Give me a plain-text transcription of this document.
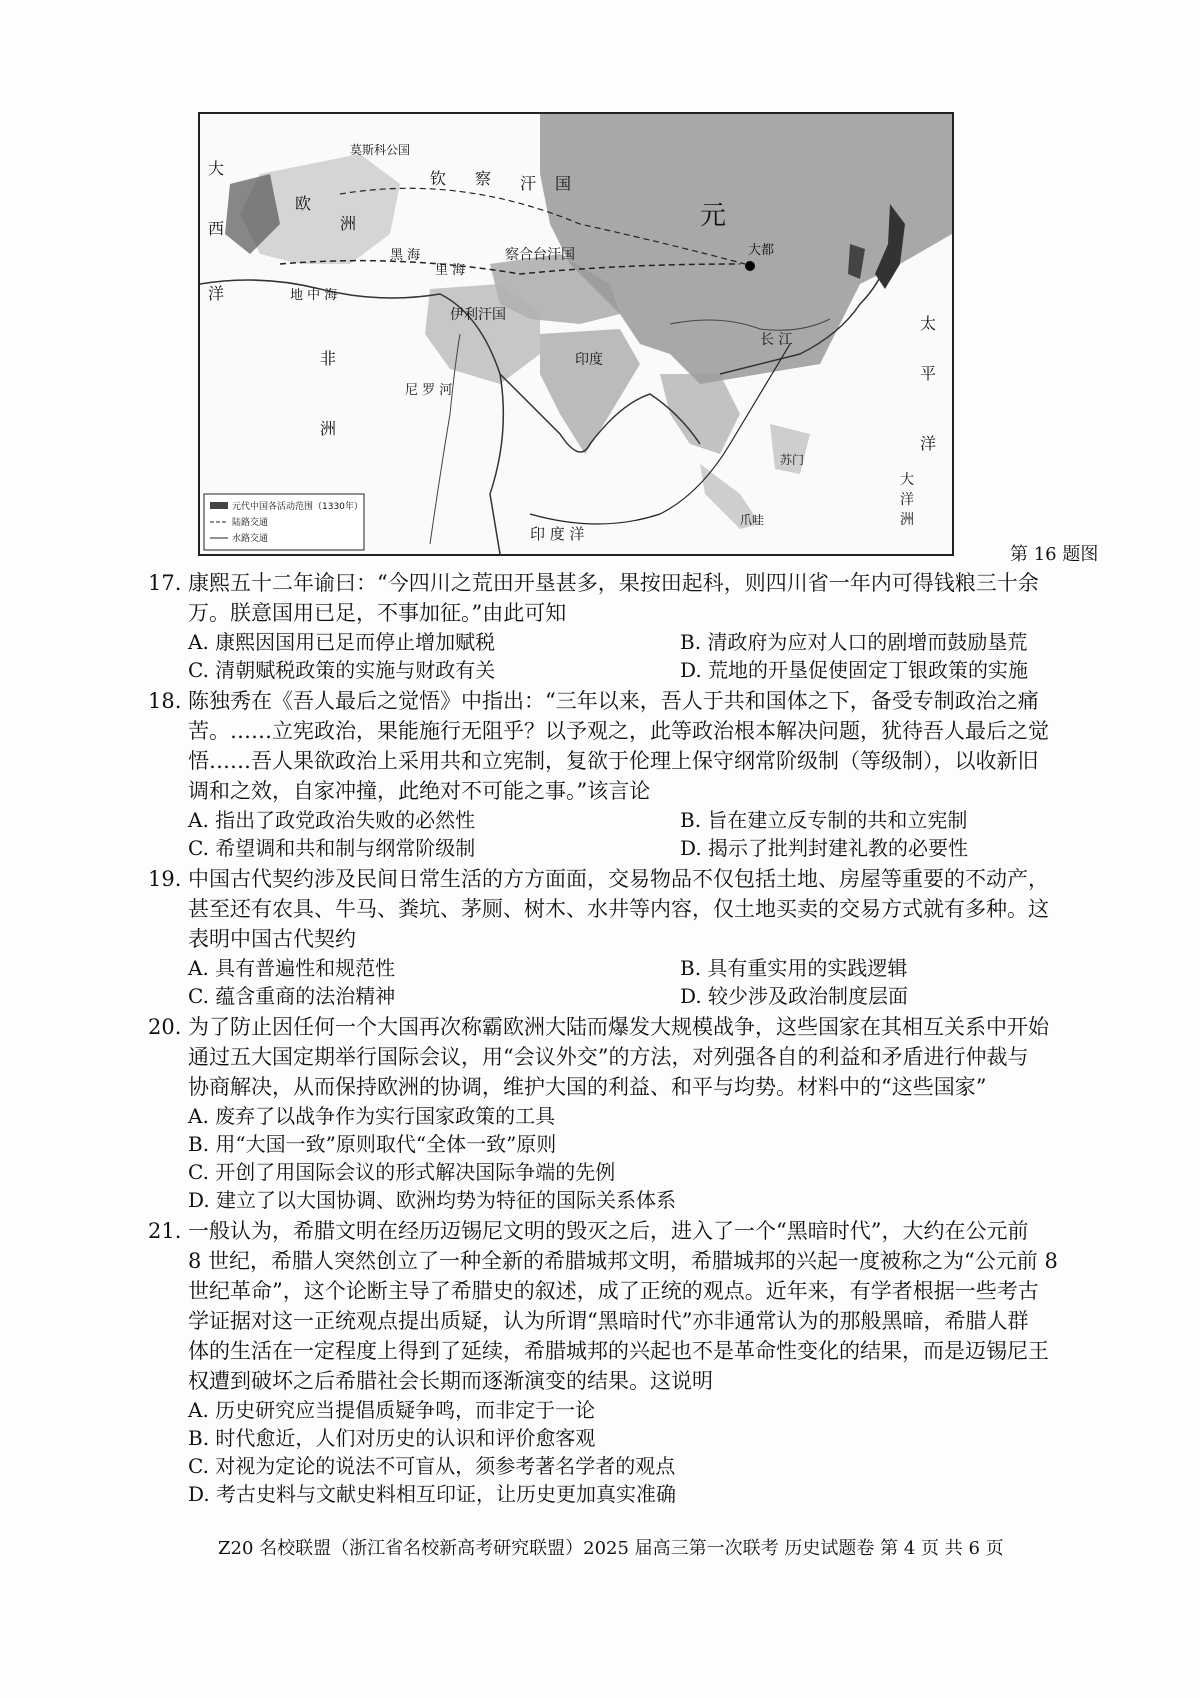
元
大都
察合台汗国
钦 察 汗 国
伊利汗国
印度
莫斯科公国
欧
洲
非
洲
大
西
洋
太
平
洋
印 度 洋
大
洋
洲
长 江
尼 罗 河
地 中 海
黑 海
里 海
苏门
爪哇
元代中国各活动范围（1330年）
陆路交通
水路交通
第 16 题图
17. 康熙五十二年谕曰：“今四川之荒田开垦甚多，果按田起科，则四川省一年内可得钱粮三十余
万。朕意国用已足，不事加征。”由此可知
A. 康熙因国用已足而停止增加赋税	B. 清政府为应对人口的剧增而鼓励垦荒
C. 清朝赋税政策的实施与财政有关	D. 荒地的开垦促使固定丁银政策的实施
18. 陈独秀在《吾人最后之觉悟》中指出：“三年以来，吾人于共和国体之下，备受专制政治之痛
苦。……立宪政治，果能施行无阻乎？以予观之，此等政治根本解决问题，犹待吾人最后之觉
悟……吾人果欲政治上采用共和立宪制，复欲于伦理上保守纲常阶级制（等级制），以收新旧
调和之效，自家冲撞，此绝对不可能之事。”该言论
A. 指出了政党政治失败的必然性	B. 旨在建立反专制的共和立宪制
C. 希望调和共和制与纲常阶级制	D. 揭示了批判封建礼教的必要性
19. 中国古代契约涉及民间日常生活的方方面面，交易物品不仅包括土地、房屋等重要的不动产，
甚至还有农具、牛马、粪坑、茅厕、树木、水井等内容，仅土地买卖的交易方式就有多种。这
表明中国古代契约
A. 具有普遍性和规范性	B. 具有重实用的实践逻辑
C. 蕴含重商的法治精神	D. 较少涉及政治制度层面
20. 为了防止因任何一个大国再次称霸欧洲大陆而爆发大规模战争，这些国家在其相互关系中开始
通过五大国定期举行国际会议，用“会议外交”的方法，对列强各自的利益和矛盾进行仲裁与
协商解决，从而保持欧洲的协调，维护大国的利益、和平与均势。材料中的“这些国家”
A. 废弃了以战争作为实行国家政策的工具
B. 用“大国一致”原则取代“全体一致”原则
C. 开创了用国际会议的形式解决国际争端的先例
D. 建立了以大国协调、欧洲均势为特征的国际关系体系
21. 一般认为，希腊文明在经历迈锡尼文明的毁灭之后，进入了一个“黑暗时代”，大约在公元前
8 世纪，希腊人突然创立了一种全新的希腊城邦文明，希腊城邦的兴起一度被称之为“公元前 8
世纪革命”，这个论断主导了希腊史的叙述，成了正统的观点。近年来，有学者根据一些考古
学证据对这一正统观点提出质疑，认为所谓“黑暗时代”亦非通常认为的那般黑暗，希腊人群
体的生活在一定程度上得到了延续，希腊城邦的兴起也不是革命性变化的结果，而是迈锡尼王
权遭到破坏之后希腊社会长期而逐渐演变的结果。这说明
A. 历史研究应当提倡质疑争鸣，而非定于一论
B. 时代愈近，人们对历史的认识和评价愈客观
C. 对视为定论的说法不可盲从，须参考著名学者的观点
D. 考古史料与文献史料相互印证，让历史更加真实准确
Z20 名校联盟（浙江省名校新高考研究联盟）2025 届高三第一次联考 历史试题卷 第 4 页 共 6 页
